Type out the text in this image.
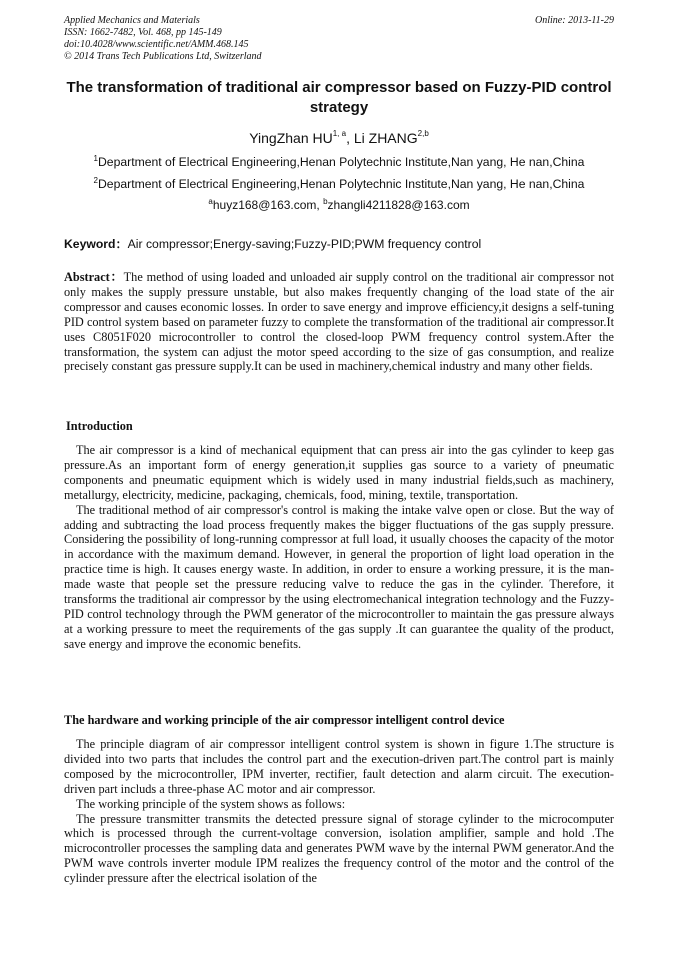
Applied Mechanics and Materials
ISSN: 1662-7482, Vol. 468, pp 145-149
doi:10.4028/www.scientific.net/AMM.468.145
© 2014 Trans Tech Publications Ltd, Switzerland
Online: 2013-11-29
The transformation of traditional air compressor based on Fuzzy-PID control strategy
YingZhan HU$^{1, a}$, Li ZHANG$^{2,b}$
$^1$Department of Electrical Engineering,Henan Polytechnic Institute,Nan yang, He nan,China
$^2$Department of Electrical Engineering,Henan Polytechnic Institute,Nan yang, He nan,China
$^a$huyz168@163.com, $^b$zhangli4211828@163.com
Keyword：Air compressor;Energy-saving;Fuzzy-PID;PWM frequency control

Abstract：The method of using loaded and unloaded air supply control on the traditional air compressor not only makes the supply pressure unstable, but also makes frequently changing of the load state of the air compressor and causes economic losses. In order to save energy and improve efficiency,it designs a self-tuning PID control system based on parameter fuzzy to complete the transformation of the traditional air compressor.It uses C8051F020 microcontroller to control the closed-loop PWM frequency control system.After the transformation, the system can adjust the motor speed according to the size of gas consumption, and realize precisely constant gas pressure supply.It can be used in machinery,chemical industry and many other fields.

Introduction

The air compressor is a kind of mechanical equipment that can press air into the gas cylinder to keep gas pressure.As an important form of energy generation,it supplies gas source to a variety of pneumatic components and pneumatic equipment which is widely used in many industrial fields,such as machinery, metallurgy, electricity, medicine, packaging, chemicals, food, mining, textile, transportation.

The traditional method of air compressor's control is making the intake valve open or close. But the way of adding and subtracting the load process frequently makes the bigger fluctuations of the gas supply pressure. Considering the possibility of long-running compressor at full load, it usually chooses the capacity of the motor in accordance with the maximum demand. However, in general the proportion of light load operation in the practice time is high. It causes energy waste. In addition, in order to ensure a working pressure, it is the man-made waste that people set the pressure reducing valve to reduce the gas in the cylinder. Therefore, it transforms the traditional air compressor by the using electromechanical integration technology and the Fuzzy-PID control technology through the PWM generator of the microcontroller to maintain the gas pressure always at a working pressure to meet the requirements of the gas supply .It can guarantee the quality of the product, save energy and improve the economic benefits.

The hardware and working principle of the air compressor intelligent control device

The principle diagram of air compressor intelligent control system is shown in figure 1.The structure is divided into two parts that includes the control part and the execution-driven part.The control part is mainly composed by the microcontroller, IPM inverter, rectifier, fault detection and alarm circuit. The execution-driven part includs a three-phase AC motor and air compressor.

The working principle of the system shows as follows:

The pressure transmitter transmits the detected pressure signal of storage cylinder to the microcomputer which is processed through the current-voltage conversion, isolation amplifier, sample and hold .The microcontroller processes the sampling data and generates PWM wave by the internal PWM generator.And the PWM wave controls inverter module IPM realizes the frequency control of the motor and the control of the cylinder pressure after the electrical isolation of the
